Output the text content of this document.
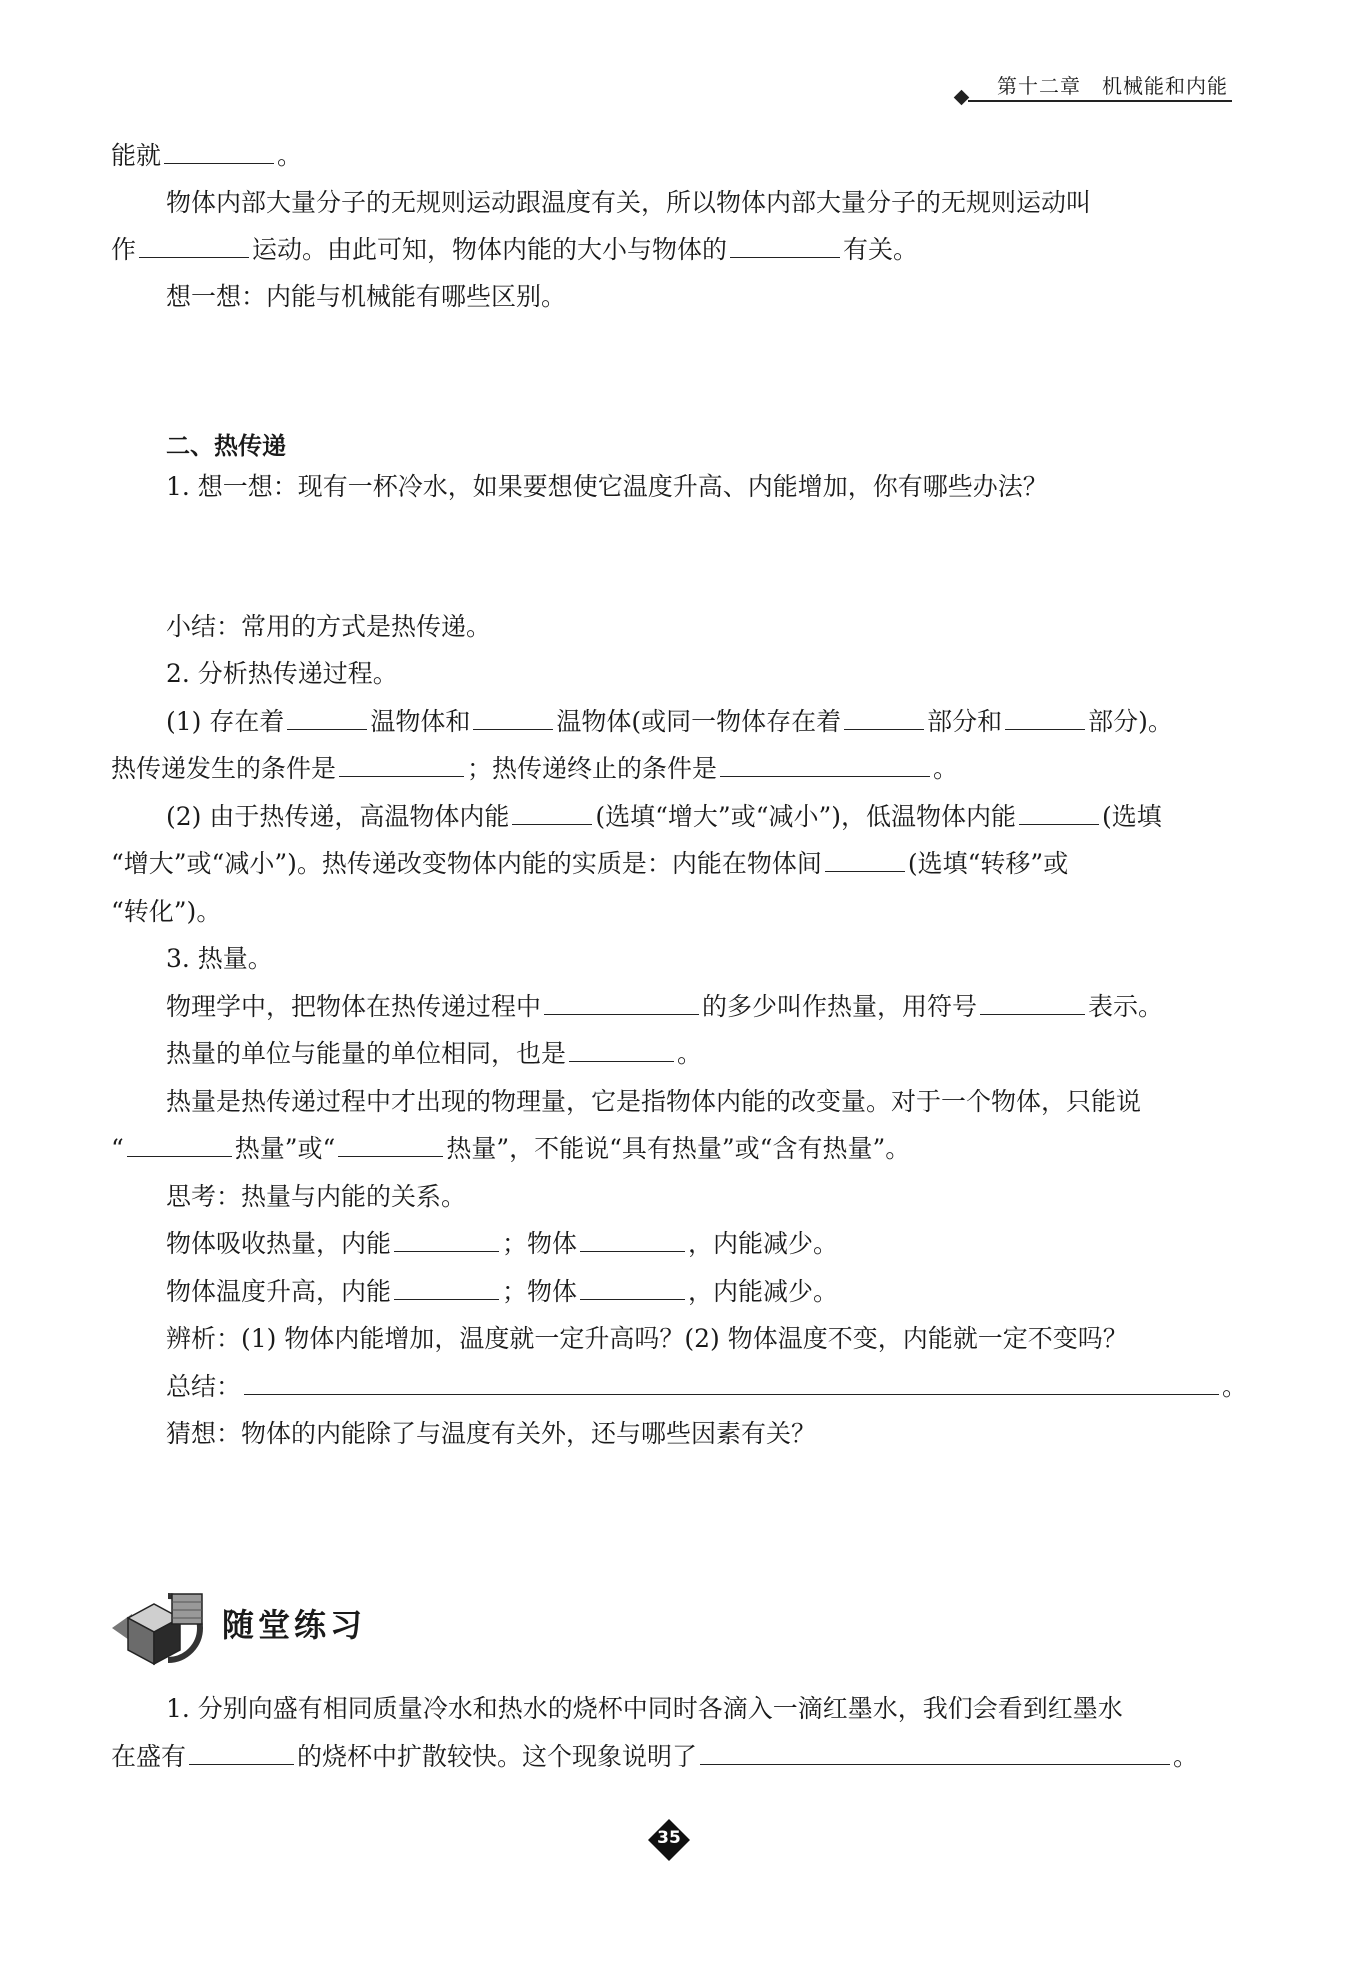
第十二章　机械能和内能
能就	。
物体内部大量分子的无规则运动跟温度有关，所以物体内部大量分子的无规则运动叫
作	运动。由此可知，物体内能的大小与物体的	有关。
想一想：内能与机械能有哪些区别。
二、热传递
1. 想一想：现有一杯冷水，如果要想使它温度升高、内能增加，你有哪些办法？
小结：常用的方式是热传递。
2. 分析热传递过程。
(1) 存在着	温物体和	温物体(或同一物体存在着	部分和	部分)。
热传递发生的条件是	；热传递终止的条件是	。
(2) 由于热传递，高温物体内能	(选填“增大”或“减小”)，低温物体内能	(选填
“增大”或“减小”)。热传递改变物体内能的实质是：内能在物体间	(选填“转移”或
“转化”)。
3. 热量。
物理学中，把物体在热传递过程中	的多少叫作热量，用符号	表示。
热量的单位与能量的单位相同，也是	。
热量是热传递过程中才出现的物理量，它是指物体内能的改变量。对于一个物体，只能说
“	热量”或“	热量”，不能说“具有热量”或“含有热量”。
思考：热量与内能的关系。
物体吸收热量，内能	；物体	，内能减少。
物体温度升高，内能	；物体	，内能减少。
辨析：(1) 物体内能增加，温度就一定升高吗？(2) 物体温度不变，内能就一定不变吗？
总结：	。
猜想：物体的内能除了与温度有关外，还与哪些因素有关？
随堂练习
1. 分别向盛有相同质量冷水和热水的烧杯中同时各滴入一滴红墨水，我们会看到红墨水
在盛有	的烧杯中扩散较快。这个现象说明了	。
35
